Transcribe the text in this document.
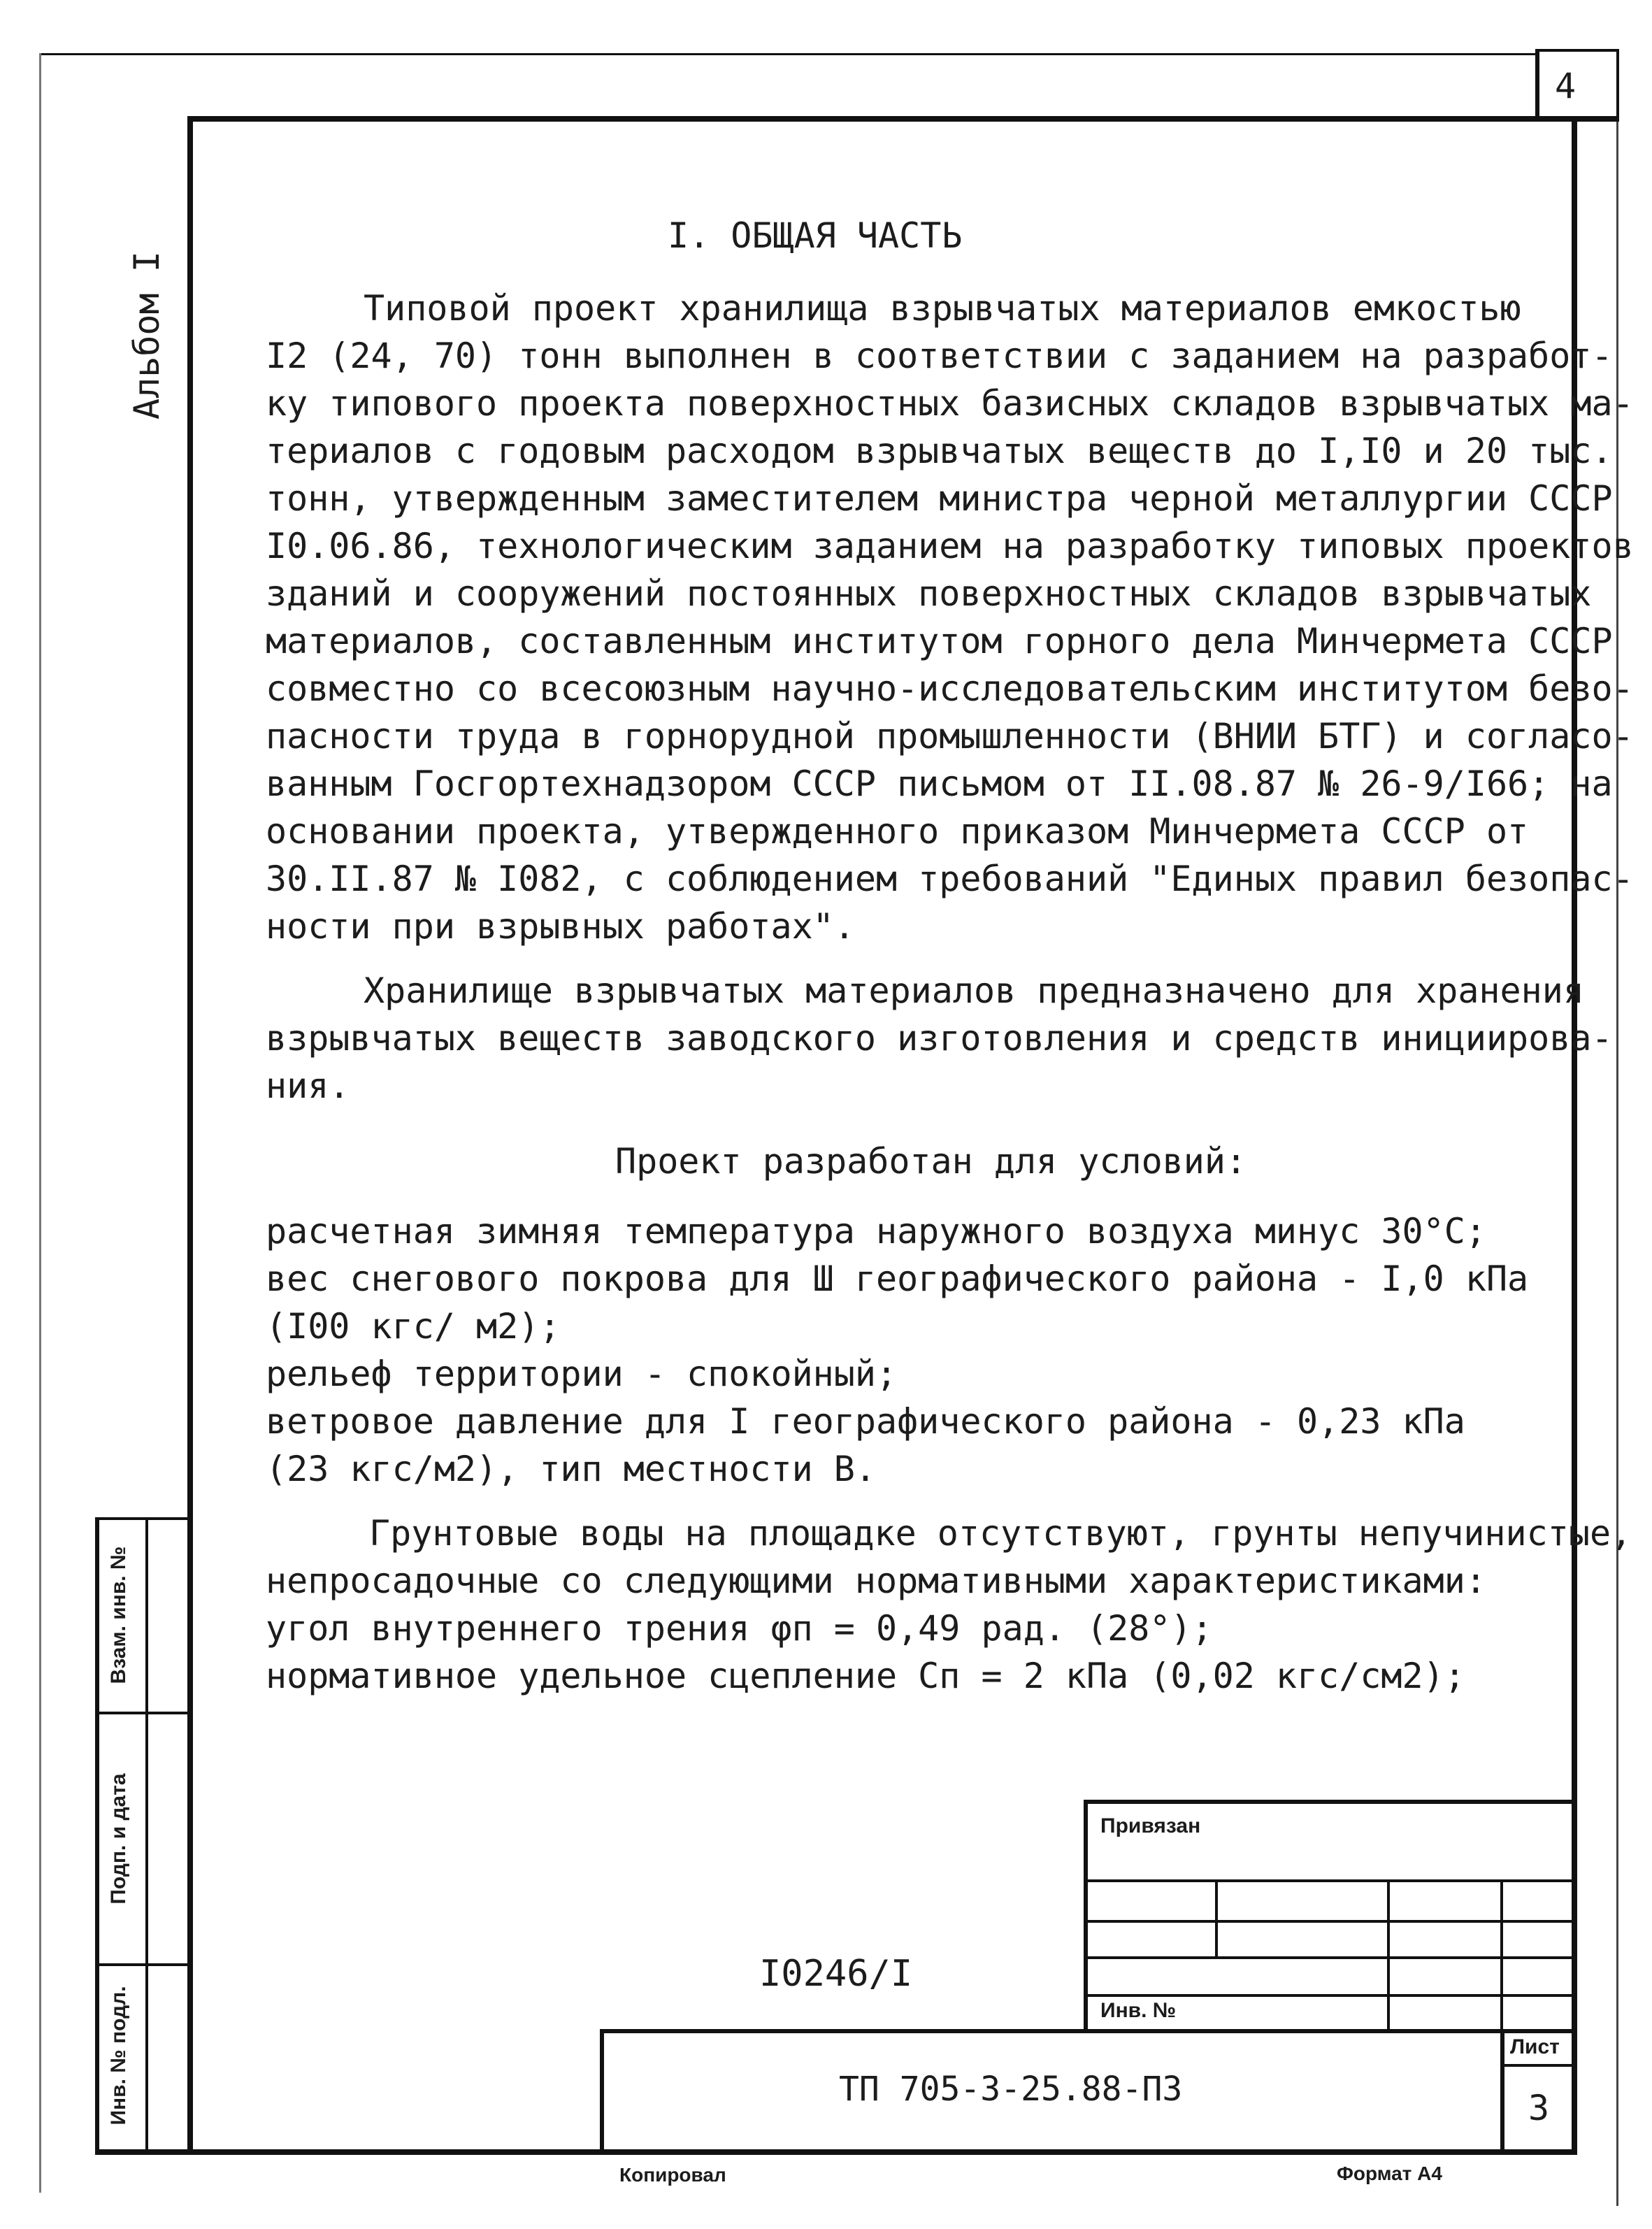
4
Альбом I
Взам. инв. №
Подп. и дата
Инв. № подл.
I. ОБЩАЯ ЧАСТЬ
Типовой проект хранилища взрывчатых материалов емкостью
I2 (24, 70) тонн выполнен в соответствии с заданием на разработ-
ку типового проекта поверхностных базисных складов взрывчатых ма-
териалов с годовым расходом взрывчатых веществ до I,I0 и 20 тыс.
тонн, утвержденным заместителем министра черной металлургии СССР
I0.06.86, технологическим заданием на разработку типовых проектов
зданий и сооружений постоянных поверхностных складов взрывчатых
материалов, составленным институтом горного дела Минчермета СССР
совместно со всесоюзным научно-исследовательским институтом безо-
пасности труда в горнорудной промышленности (ВНИИ БТГ) и согласо-
ванным Госгортехнадзором СССР письмом от II.08.87 № 26-9/I66; на
основании проекта, утвержденного приказом Минчермета СССР от
30.II.87 № I082, с соблюдением требований "Единых правил безопас-
ности при взрывных работах".
Хранилище взрывчатых материалов предназначено для хранения
взрывчатых веществ заводского изготовления и средств инициирова-
ния.
Проект разработан для условий:
расчетная зимняя температура наружного воздуха минус 30°С;
вес снегового покрова для Ш географического района - I,0 кПа
(I00 кгс/ м2);
рельеф территории - спокойный;
ветровое давление для I географического района - 0,23 кПа
(23 кгс/м2), тип местности В.
Грунтовые воды на площадке отсутствуют, грунты непучинистые,
непросадочные со следующими нормативными характеристиками:
угол внутреннего трения φп = 0,49 рад. (28°);
нормативное удельное сцепление Сп = 2 кПа (0,02 кгс/см2);
Привязан
Инв. №
I0246/I
ТП 705-3-25.88-ПЗ
Лист
3
Копировал	Формат А4
